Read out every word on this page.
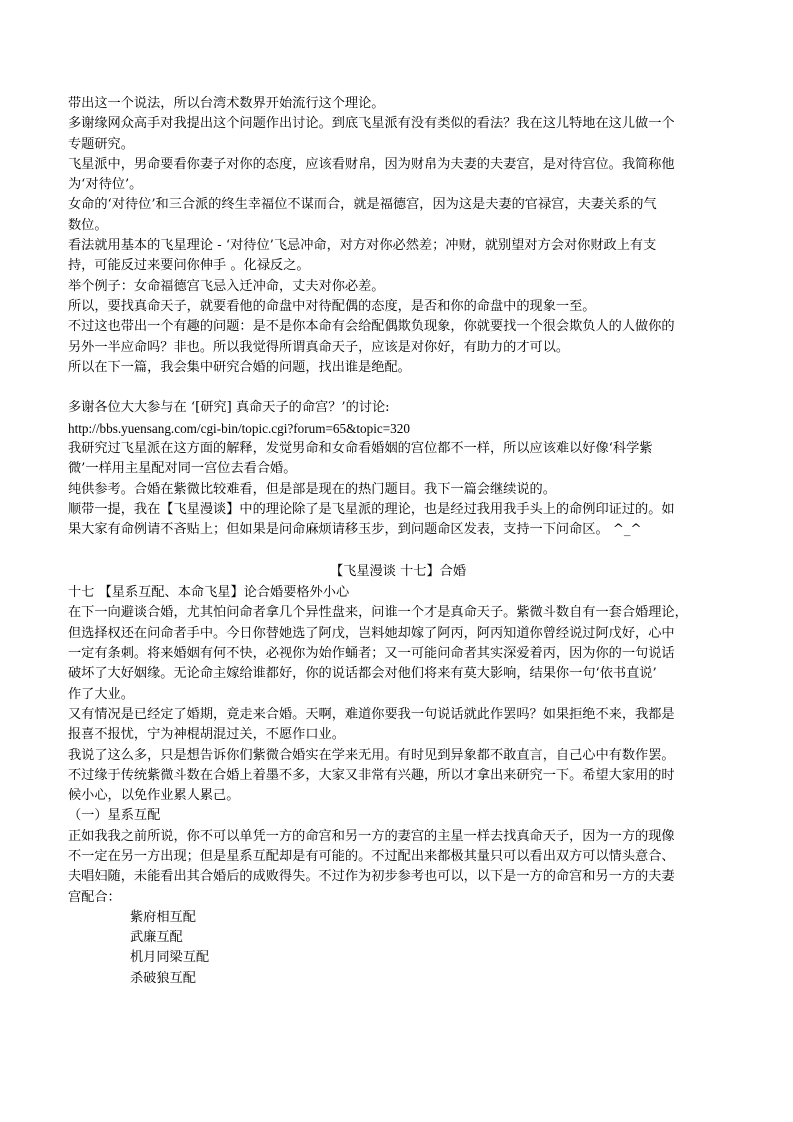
带出这一个说法，所以台湾术数界开始流行这个理论。

多谢缘网众高手对我提出这个问题作出讨论。到底飞星派有没有类似的看法？我在这儿特地在这儿做一个

专题研究。

飞星派中，男命要看你妻子对你的态度，应该看财帛，因为财帛为夫妻的夫妻宫，是对待宫位。我简称他

为‘对待位’。

女命的‘对待位’和三合派的终生幸福位不谋而合，就是福德宫，因为这是夫妻的官禄宫，夫妻关系的气

数位。

看法就用基本的飞星理论 - ‘对待位’飞忌冲命，对方对你必然差；冲财，就别望对方会对你财政上有支

持，可能反过来要问你伸手 。化禄反之。

举个例子：女命福德宫飞忌入迁冲命，丈夫对你必差。

所以，要找真命天子，就要看他的命盘中对待配偶的态度，是否和你的命盘中的现象一至。

不过这也带出一个有趣的问题：是不是你本命有会给配偶欺负现象，你就要找一个很会欺负人的人做你的

另外一半应命吗？非也。所以我觉得所谓真命天子，应该是对你好，有助力的才可以。

所以在下一篇，我会集中研究合婚的问题，找出谁是绝配。

多谢各位大大参与在 ‘[研究] 真命天子的命宫？’的讨论:

http://bbs.yuensang.com/cgi-bin/topic.cgi?forum=65&topic=320

我研究过飞星派在这方面的解释，发觉男命和女命看婚姻的宫位都不一样，所以应该难以好像‘科学紫

微’一样用主星配对同一宫位去看合婚。

纯供参考。合婚在紫微比较难看，但是部是现在的热门题目。我下一篇会继续说的。

顺带一提，我在【飞星漫谈】中的理论除了是飞星派的理论，也是经过我用我手头上的命例印证过的。如

果大家有命例请不吝贴上；但如果是问命麻烦请移玉步，到问题命区发表，支持一下问命区。 ^_^

【飞星漫谈 十七】合婚

十七 【星系互配、本命飞星】论合婚要格外小心

在下一向避谈合婚，尤其怕问命者拿几个异性盘来，问谁一个才是真命天子。紫微斗数自有一套合婚理论，

但选择权还在问命者手中。今日你替她选了阿戊，岂料她却嫁了阿丙，阿丙知道你曾经说过阿戊好，心中

一定有条刺。将来婚姻有何不快，必视你为始作蛹者；又一可能问命者其实深爱着丙，因为你的一句说话

破坏了大好姻缘。无论命主嫁给谁都好，你的说话都会对他们将来有莫大影响，结果你一句‘依书直说’

作了大业。

又有情况是已经定了婚期，竟走来合婚。天啊，难道你要我一句说话就此作罢吗？如果拒绝不来，我都是

报喜不报忧，宁为神棍胡混过关，不愿作口业。

我说了这么多，只是想告诉你们紫微合婚实在学来无用。有时见到异象都不敢直言，自己心中有数作罢。

不过缘于传统紫微斗数在合婚上着墨不多，大家又非常有兴趣，所以才拿出来研究一下。希望大家用的时

候小心，以免作业累人累己。

（一）星系互配

正如我我之前所说，你不可以单凭一方的命宫和另一方的妻宫的主星一样去找真命天子，因为一方的现像

不一定在另一方出现；但是星系互配却是有可能的。不过配出来都极其量只可以看出双方可以情头意合、

夫唱妇随，未能看出其合婚后的成败得失。不过作为初步参考也可以，以下是一方的命宫和另一方的夫妻

宫配合：

紫府相互配

武廉互配

机月同梁互配

杀破狼互配
